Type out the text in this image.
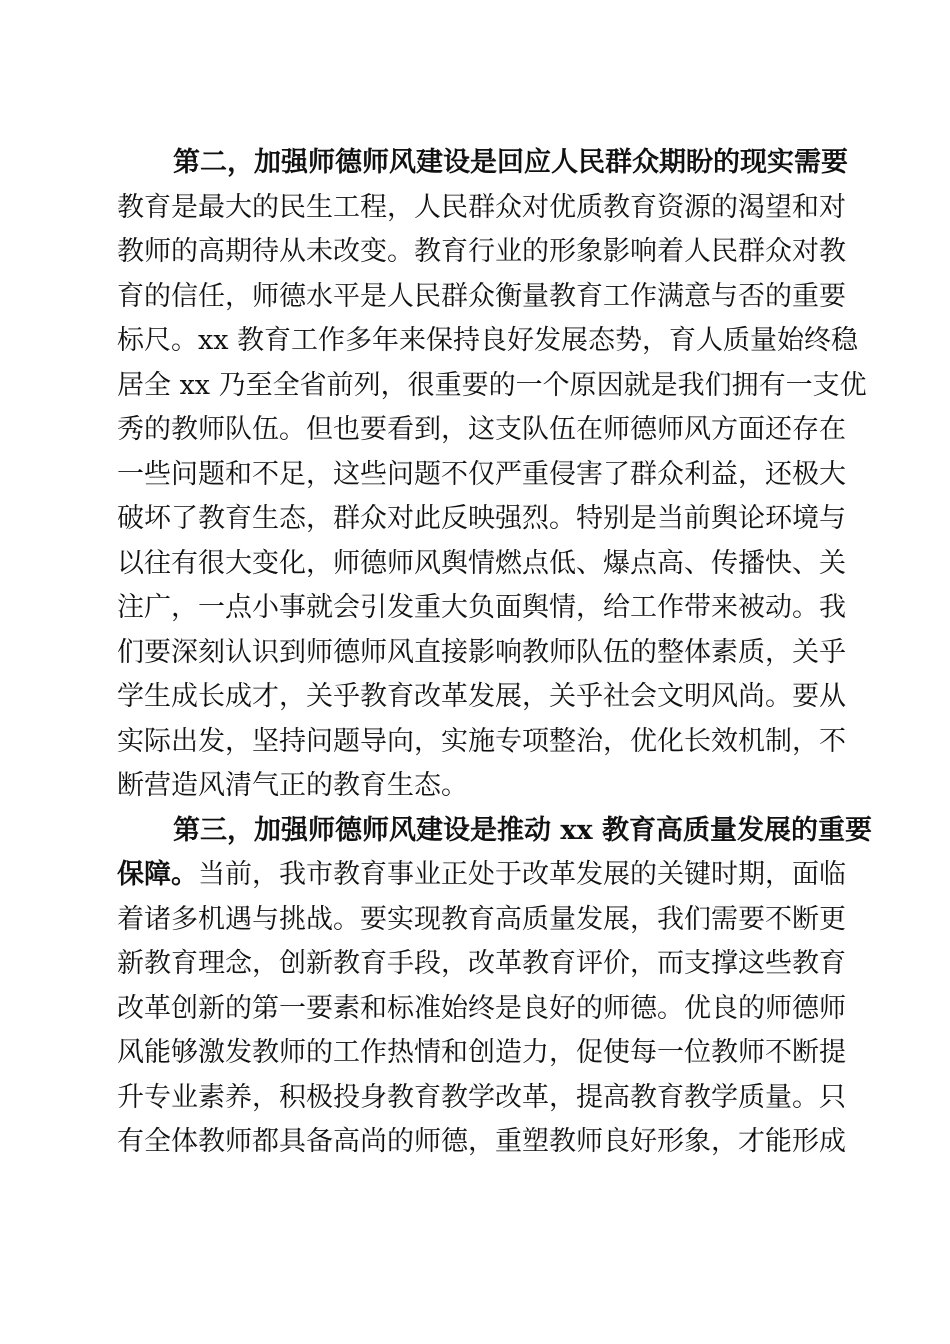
第二，加强师德师风建设是回应人民群众期盼的现实需要
教育是最大的民生工程，人民群众对优质教育资源的渴望和对
教师的高期待从未改变。教育行业的形象影响着人民群众对教
育的信任，师德水平是人民群众衡量教育工作满意与否的重要
标尺。xx 教育工作多年来保持良好发展态势，育人质量始终稳
居全 xx 乃至全省前列，很重要的一个原因就是我们拥有一支优
秀的教师队伍。但也要看到，这支队伍在师德师风方面还存在
一些问题和不足，这些问题不仅严重侵害了群众利益，还极大
破坏了教育生态，群众对此反映强烈。特别是当前舆论环境与
以往有很大变化，师德师风舆情燃点低、爆点高、传播快、关
注广，一点小事就会引发重大负面舆情，给工作带来被动。我
们要深刻认识到师德师风直接影响教师队伍的整体素质，关乎
学生成长成才，关乎教育改革发展，关乎社会文明风尚。要从
实际出发，坚持问题导向，实施专项整治，优化长效机制，不
断营造风清气正的教育生态。
第三，加强师德师风建设是推动 xx 教育高质量发展的重要
保障。当前，我市教育事业正处于改革发展的关键时期，面临
着诸多机遇与挑战。要实现教育高质量发展，我们需要不断更
新教育理念，创新教育手段，改革教育评价，而支撑这些教育
改革创新的第一要素和标准始终是良好的师德。优良的师德师
风能够激发教师的工作热情和创造力，促使每一位教师不断提
升专业素养，积极投身教育教学改革，提高教育教学质量。只
有全体教师都具备高尚的师德，重塑教师良好形象，才能形成
